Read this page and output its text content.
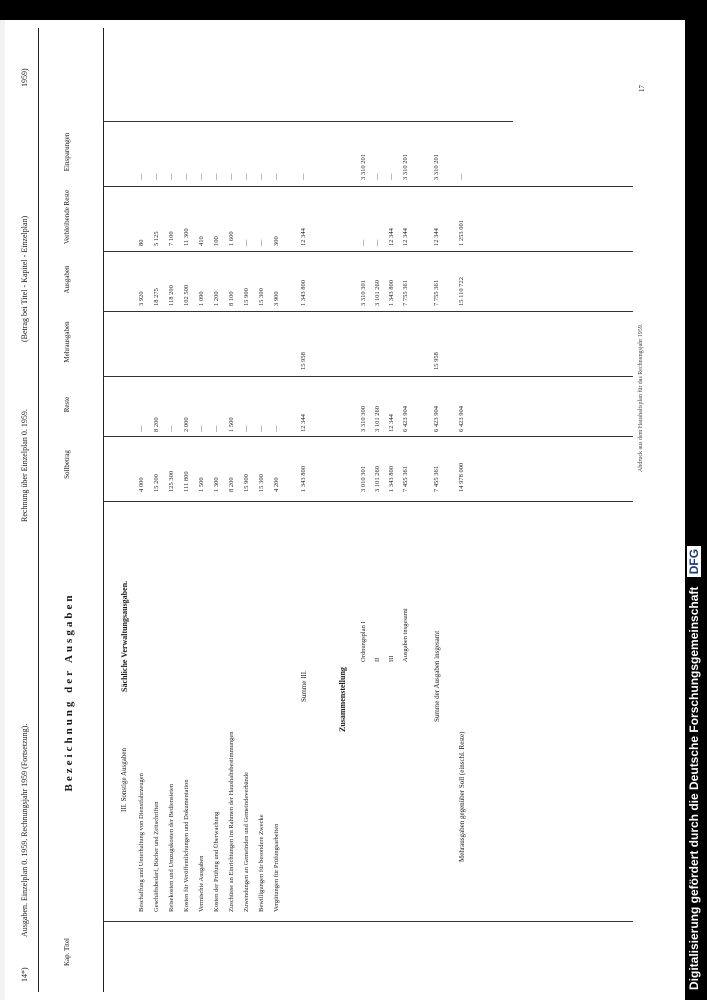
14*)
Ausgaben. Einzelplan 0. 1959. Rechnungsjahr 1959 (Fortsetzung).
Rechnung über Einzelplan 0. 1959.
(Betrag bei Titel - Kapitel - Einzelplan)
1959)
Kap. Titel
Sollbetrag
Reste
Mehrausgaben
Ausgaben
Verbleibende Reste
Einsparungen
Bezeichnung der Ausgaben	Sächliche Verwaltungsausgaben.
III. Sonstige Ausgaben Beschaffung und Unterhaltung von Dienstfahrzeugen
4 000
—
3 920
80
—
Geschäftsbedarf, Bücher und Zeitschriften
15 200
8 200
18 275
5 125
—
Reisekosten und Umzugskosten der Bediensteten
125 300
—
118 200
7 100
—
Kosten für Veröffentlichungen und Dokumentation
111 800
2 000
102 500
11 300
—
Vermischte Ausgaben
1 500
—
1 090
410
—
Kosten der Prüfung und Überwachung
1 300
—
1 200
100
—
Zuschüsse an Einrichtungen im Rahmen der Haushaltsbestimmungen
8 200
1 500
8 100
1 600
—
Zuwendungen an Gemeinden und Gemeindeverbände
15 900
—
15 900
—
—
Bewilligungen für besondere Zwecke
15 300
—
15 300
—
—
Vergütungen für Prüfungsarbeiten
4 200
—
3 900
300
—
Summe III.
1 343 800
12 344
15 958
1 343 800
12 344
—
Zusammenstellung
Ordnungsplan I
3 010 301
3 310 300
3 310 301
—
3 310 201
II
3 101 260
3 101 260
3 101 260
—
—
III
1 343 800
12 344
1 343 800
12 344
—
Ausgaben insgesamt
7 455 361
6 423 904
7 755 361
12 344
3 310 201
Summe der Ausgaben insgesamt
7 455 361
6 423 904
15 958
7 755 361
12 344
3 310 201
Mehrausgaben gegenüber Soll (einschl. Reste)
14 978 000
6 423 904
15 110 722
1 253 001
—
Abdruck aus dem Haushaltsplan für das Rechnungsjahr 1959.
17
Digitalisierung gefördert durch die Deutsche Forschungsgemeinschaft DFG
